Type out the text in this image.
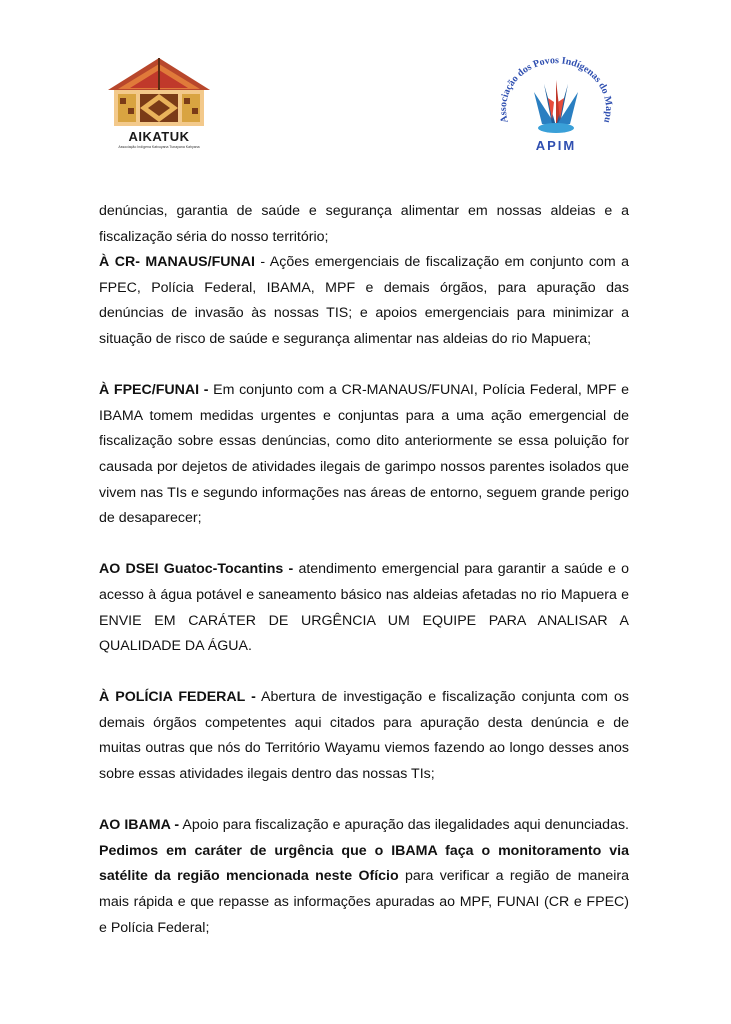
AIKATUK
Associação Indígena Katxuyana Tunayana Kahyana
Associação dos Povos Indígenas do Mapu
APIM

denúncias, garantia de saúde e segurança alimentar em nossas aldeias e a fiscalização séria do nosso território;

À CR- MANAUS/FUNAI - Ações emergenciais de fiscalização em conjunto com a FPEC, Polícia Federal, IBAMA, MPF e demais órgãos, para apuração das denúncias de invasão às nossas TIS; e apoios emergenciais para minimizar a situação de risco de saúde e segurança alimentar nas aldeias do rio Mapuera;

À FPEC/FUNAI - Em conjunto com a CR-MANAUS/FUNAI, Polícia Federal, MPF e IBAMA tomem medidas urgentes e conjuntas para a uma ação emergencial de fiscalização sobre essas denúncias, como dito anteriormente se essa poluição for causada por dejetos de atividades ilegais de garimpo nossos parentes isolados que vivem nas TIs e segundo informações nas áreas de entorno, seguem grande perigo de desaparecer;

AO DSEI Guatoc-Tocantins - atendimento emergencial para garantir a saúde e o acesso à água potável e saneamento básico nas aldeias afetadas no rio Mapuera e ENVIE EM CARÁTER DE URGÊNCIA UM EQUIPE PARA ANALISAR A QUALIDADE DA ÁGUA.

À POLÍCIA FEDERAL - Abertura de investigação e fiscalização conjunta com os demais órgãos competentes aqui citados para apuração desta denúncia e de muitas outras que nós do Território Wayamu viemos fazendo ao longo desses anos sobre essas atividades ilegais dentro das nossas TIs;

AO IBAMA - Apoio para fiscalização e apuração das ilegalidades aqui denunciadas. Pedimos em caráter de urgência que o IBAMA faça o monitoramento via satélite da região mencionada neste Ofício para verificar a região de maneira mais rápida e que repasse as informações apuradas ao MPF, FUNAI (CR e FPEC) e Polícia Federal;
